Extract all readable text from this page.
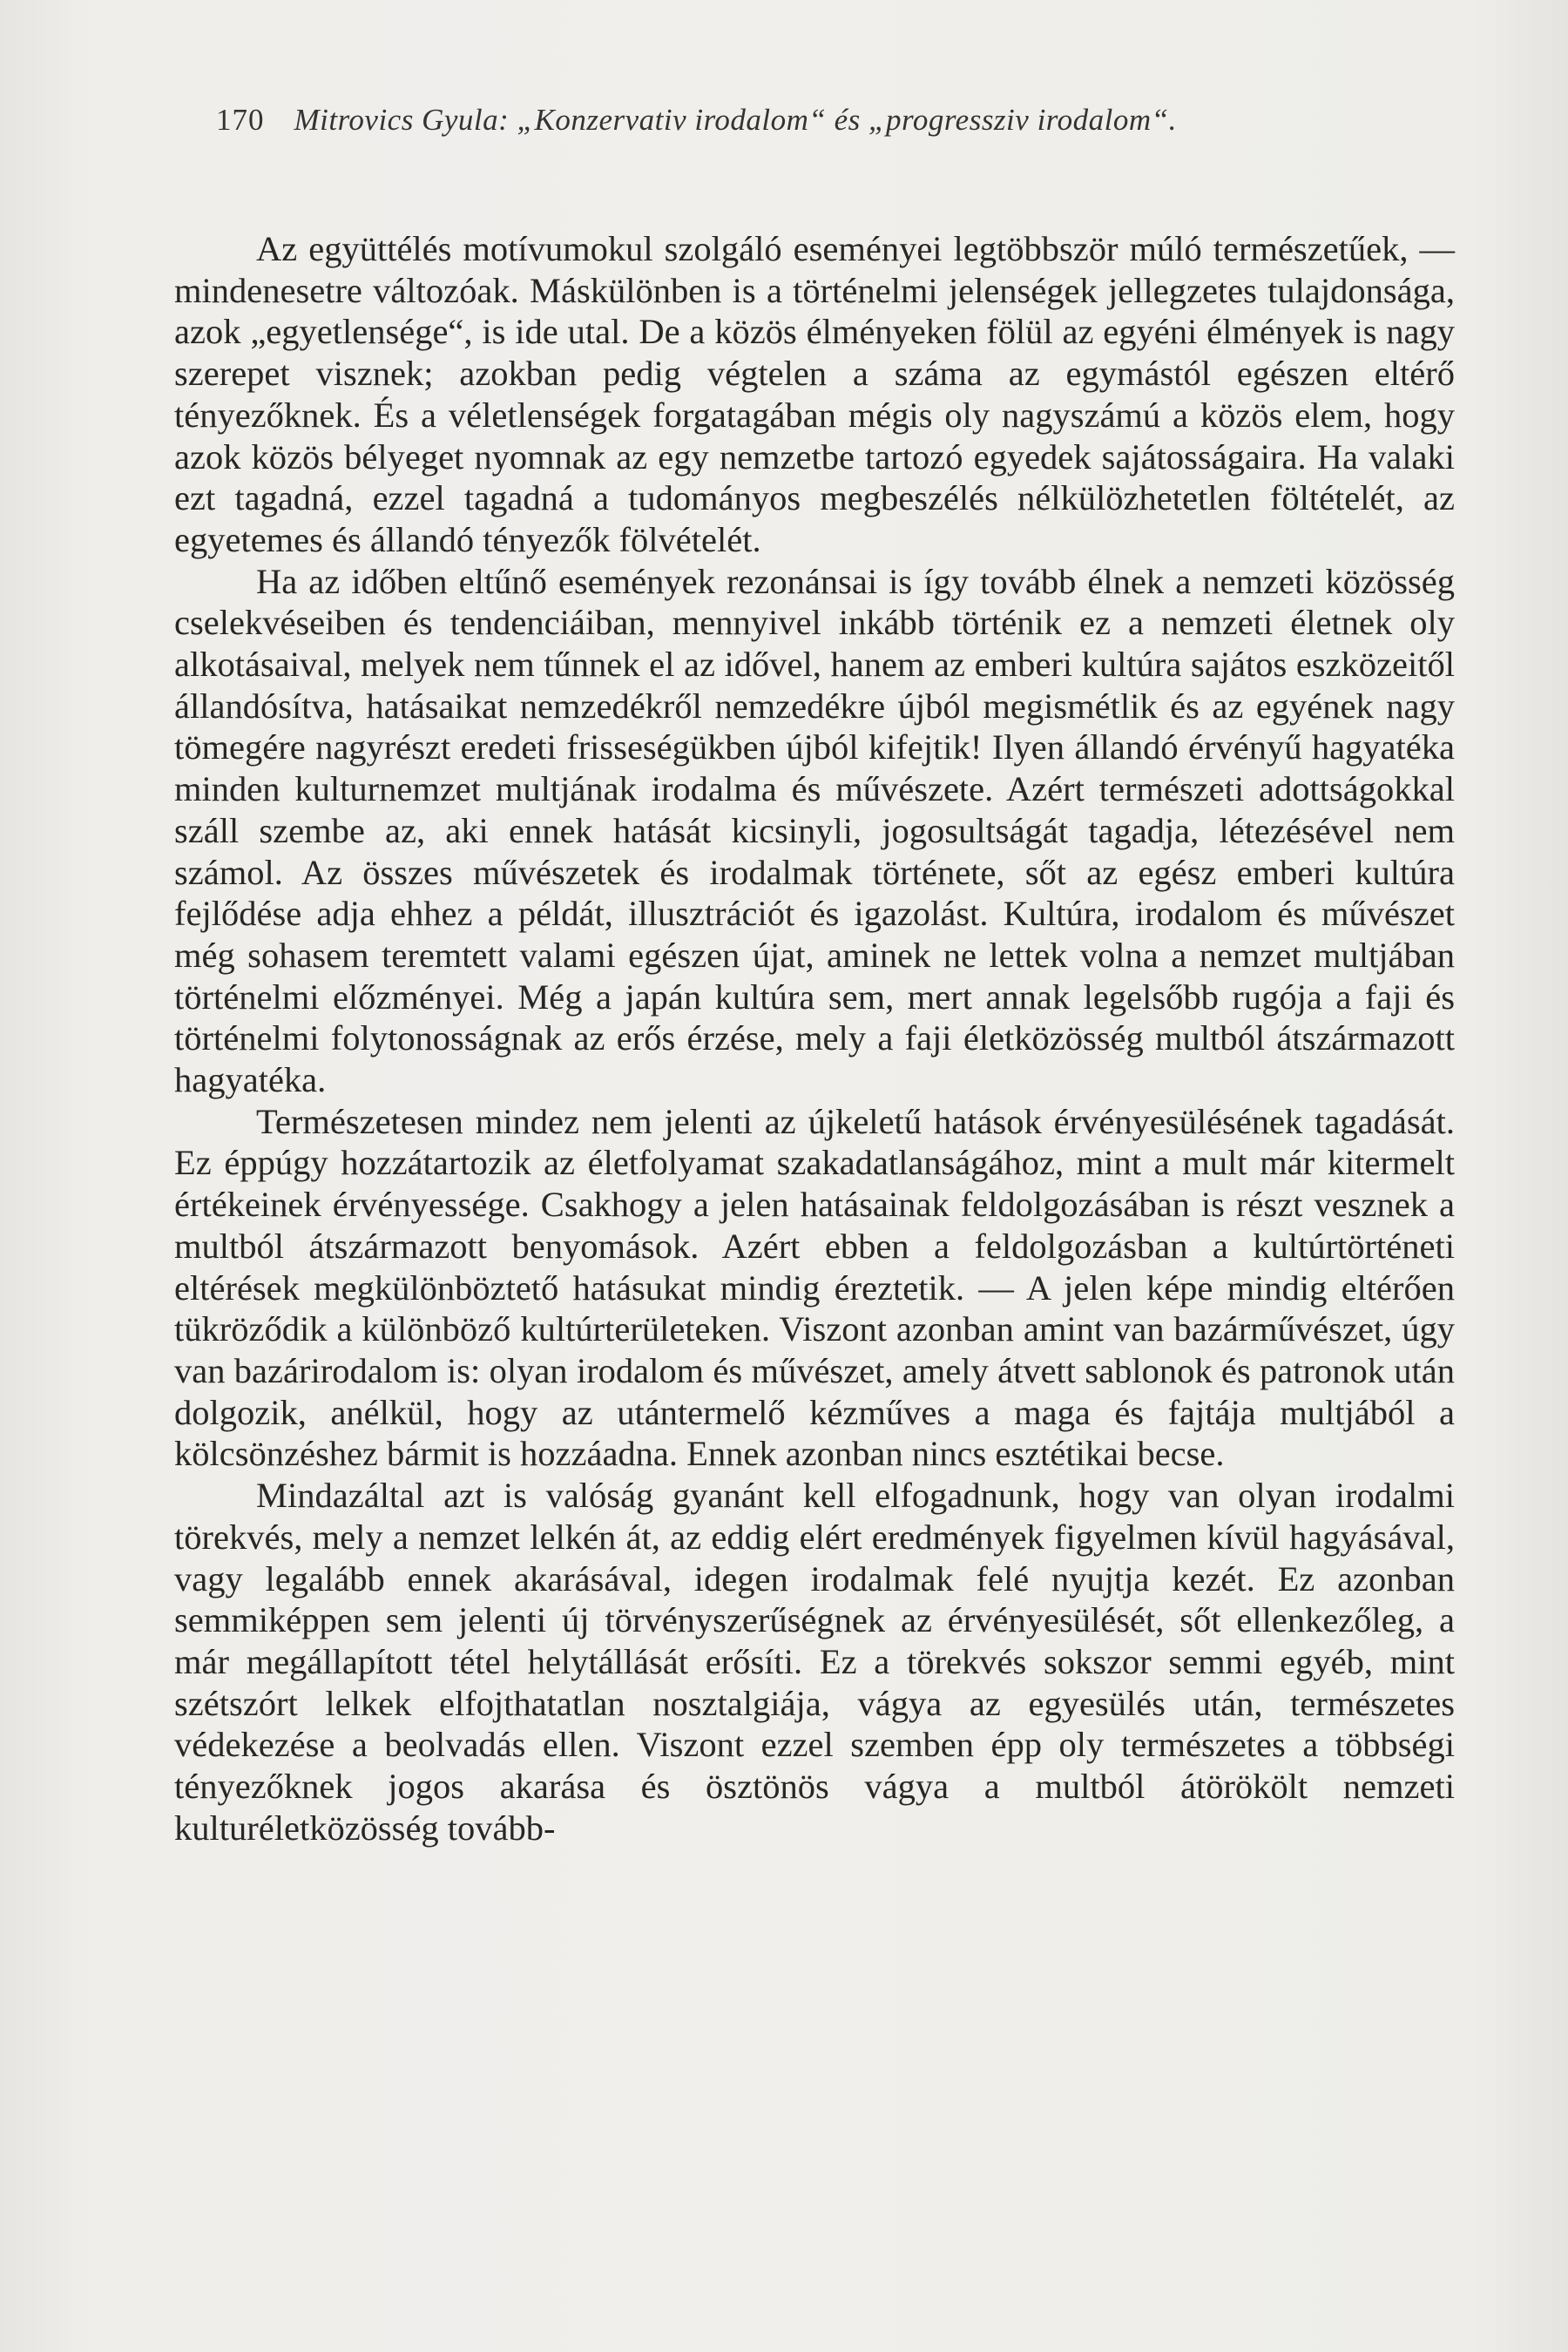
170 Mitrovics Gyula: „Konzervativ irodalom“ és „progressziv irodalom“.

Az együttélés motívumokul szolgáló eseményei legtöbbször múló természetűek, — mindenesetre változóak. Máskülönben is a történelmi jelenségek jellegzetes tulajdonsága, azok „egyetlensége“, is ide utal. De a közös élményeken fölül az egyéni élmények is nagy szerepet visznek; azokban pedig végtelen a száma az egymástól egészen eltérő tényezőknek. És a véletlenségek forgatagában mégis oly nagyszámú a közös elem, hogy azok közös bélyeget nyomnak az egy nemzetbe tartozó egyedek sajátosságaira. Ha valaki ezt tagadná, ezzel tagadná a tudományos megbeszélés nélkülözhetetlen föltételét, az egyetemes és állandó tényezők fölvételét.

Ha az időben eltűnő események rezonánsai is így tovább élnek a nemzeti közösség cselekvéseiben és tendenciáiban, mennyivel inkább történik ez a nemzeti életnek oly alkotásaival, melyek nem tűnnek el az idővel, hanem az emberi kultúra sajátos eszközeitől állandósítva, hatásaikat nemzedékről nemzedékre újból megismétlik és az egyének nagy tömegére nagyrészt eredeti frisseségükben újból kifejtik! Ilyen állandó érvényű hagyatéka minden kulturnemzet multjának irodalma és művészete. Azért természeti adottságokkal száll szembe az, aki ennek hatását kicsinyli, jogosultságát tagadja, létezésével nem számol. Az összes művészetek és irodalmak története, sőt az egész emberi kultúra fejlődése adja ehhez a példát, illusztrációt és igazolást. Kultúra, irodalom és művészet még sohasem teremtett valami egészen újat, aminek ne lettek volna a nemzet multjában történelmi előzményei. Még a japán kultúra sem, mert annak legelsőbb rugója a faji és történelmi folytonosságnak az erős érzése, mely a faji életközösség multból átszármazott hagyatéka.

Természetesen mindez nem jelenti az újkeletű hatások érvényesülésének tagadását. Ez éppúgy hozzátartozik az életfolyamat szakadatlanságához, mint a mult már kitermelt értékeinek érvényessége. Csakhogy a jelen hatásainak feldolgozásában is részt vesznek a multból átszármazott benyomások. Azért ebben a feldolgozásban a kultúrtörténeti eltérések megkülönböztető hatásukat mindig éreztetik. — A jelen képe mindig eltérően tükröződik a különböző kultúrterületeken. Viszont azonban amint van bazárművészet, úgy van bazárirodalom is: olyan irodalom és művészet, amely átvett sablonok és patronok után dolgozik, anélkül, hogy az utántermelő kézműves a maga és fajtája multjából a kölcsönzéshez bármit is hozzáadna. Ennek azonban nincs esztétikai becse.

Mindazáltal azt is valóság gyanánt kell elfogadnunk, hogy van olyan irodalmi törekvés, mely a nemzet lelkén át, az eddig elért eredmények figyelmen kívül hagyásával, vagy legalább ennek akarásával, idegen irodalmak felé nyujtja kezét. Ez azonban semmiképpen sem jelenti új törvényszerűségnek az érvényesülését, sőt ellenkezőleg, a már megállapított tétel helytállását erősíti. Ez a törekvés sokszor semmi egyéb, mint szétszórt lelkek elfojthatatlan nosztalgiája, vágya az egyesülés után, természetes védekezése a beolvadás ellen. Viszont ezzel szemben épp oly természetes a többségi tényezőknek jogos akarása és ösztönös vágya a multból átörökölt nemzeti kulturéletközösség tovább-
